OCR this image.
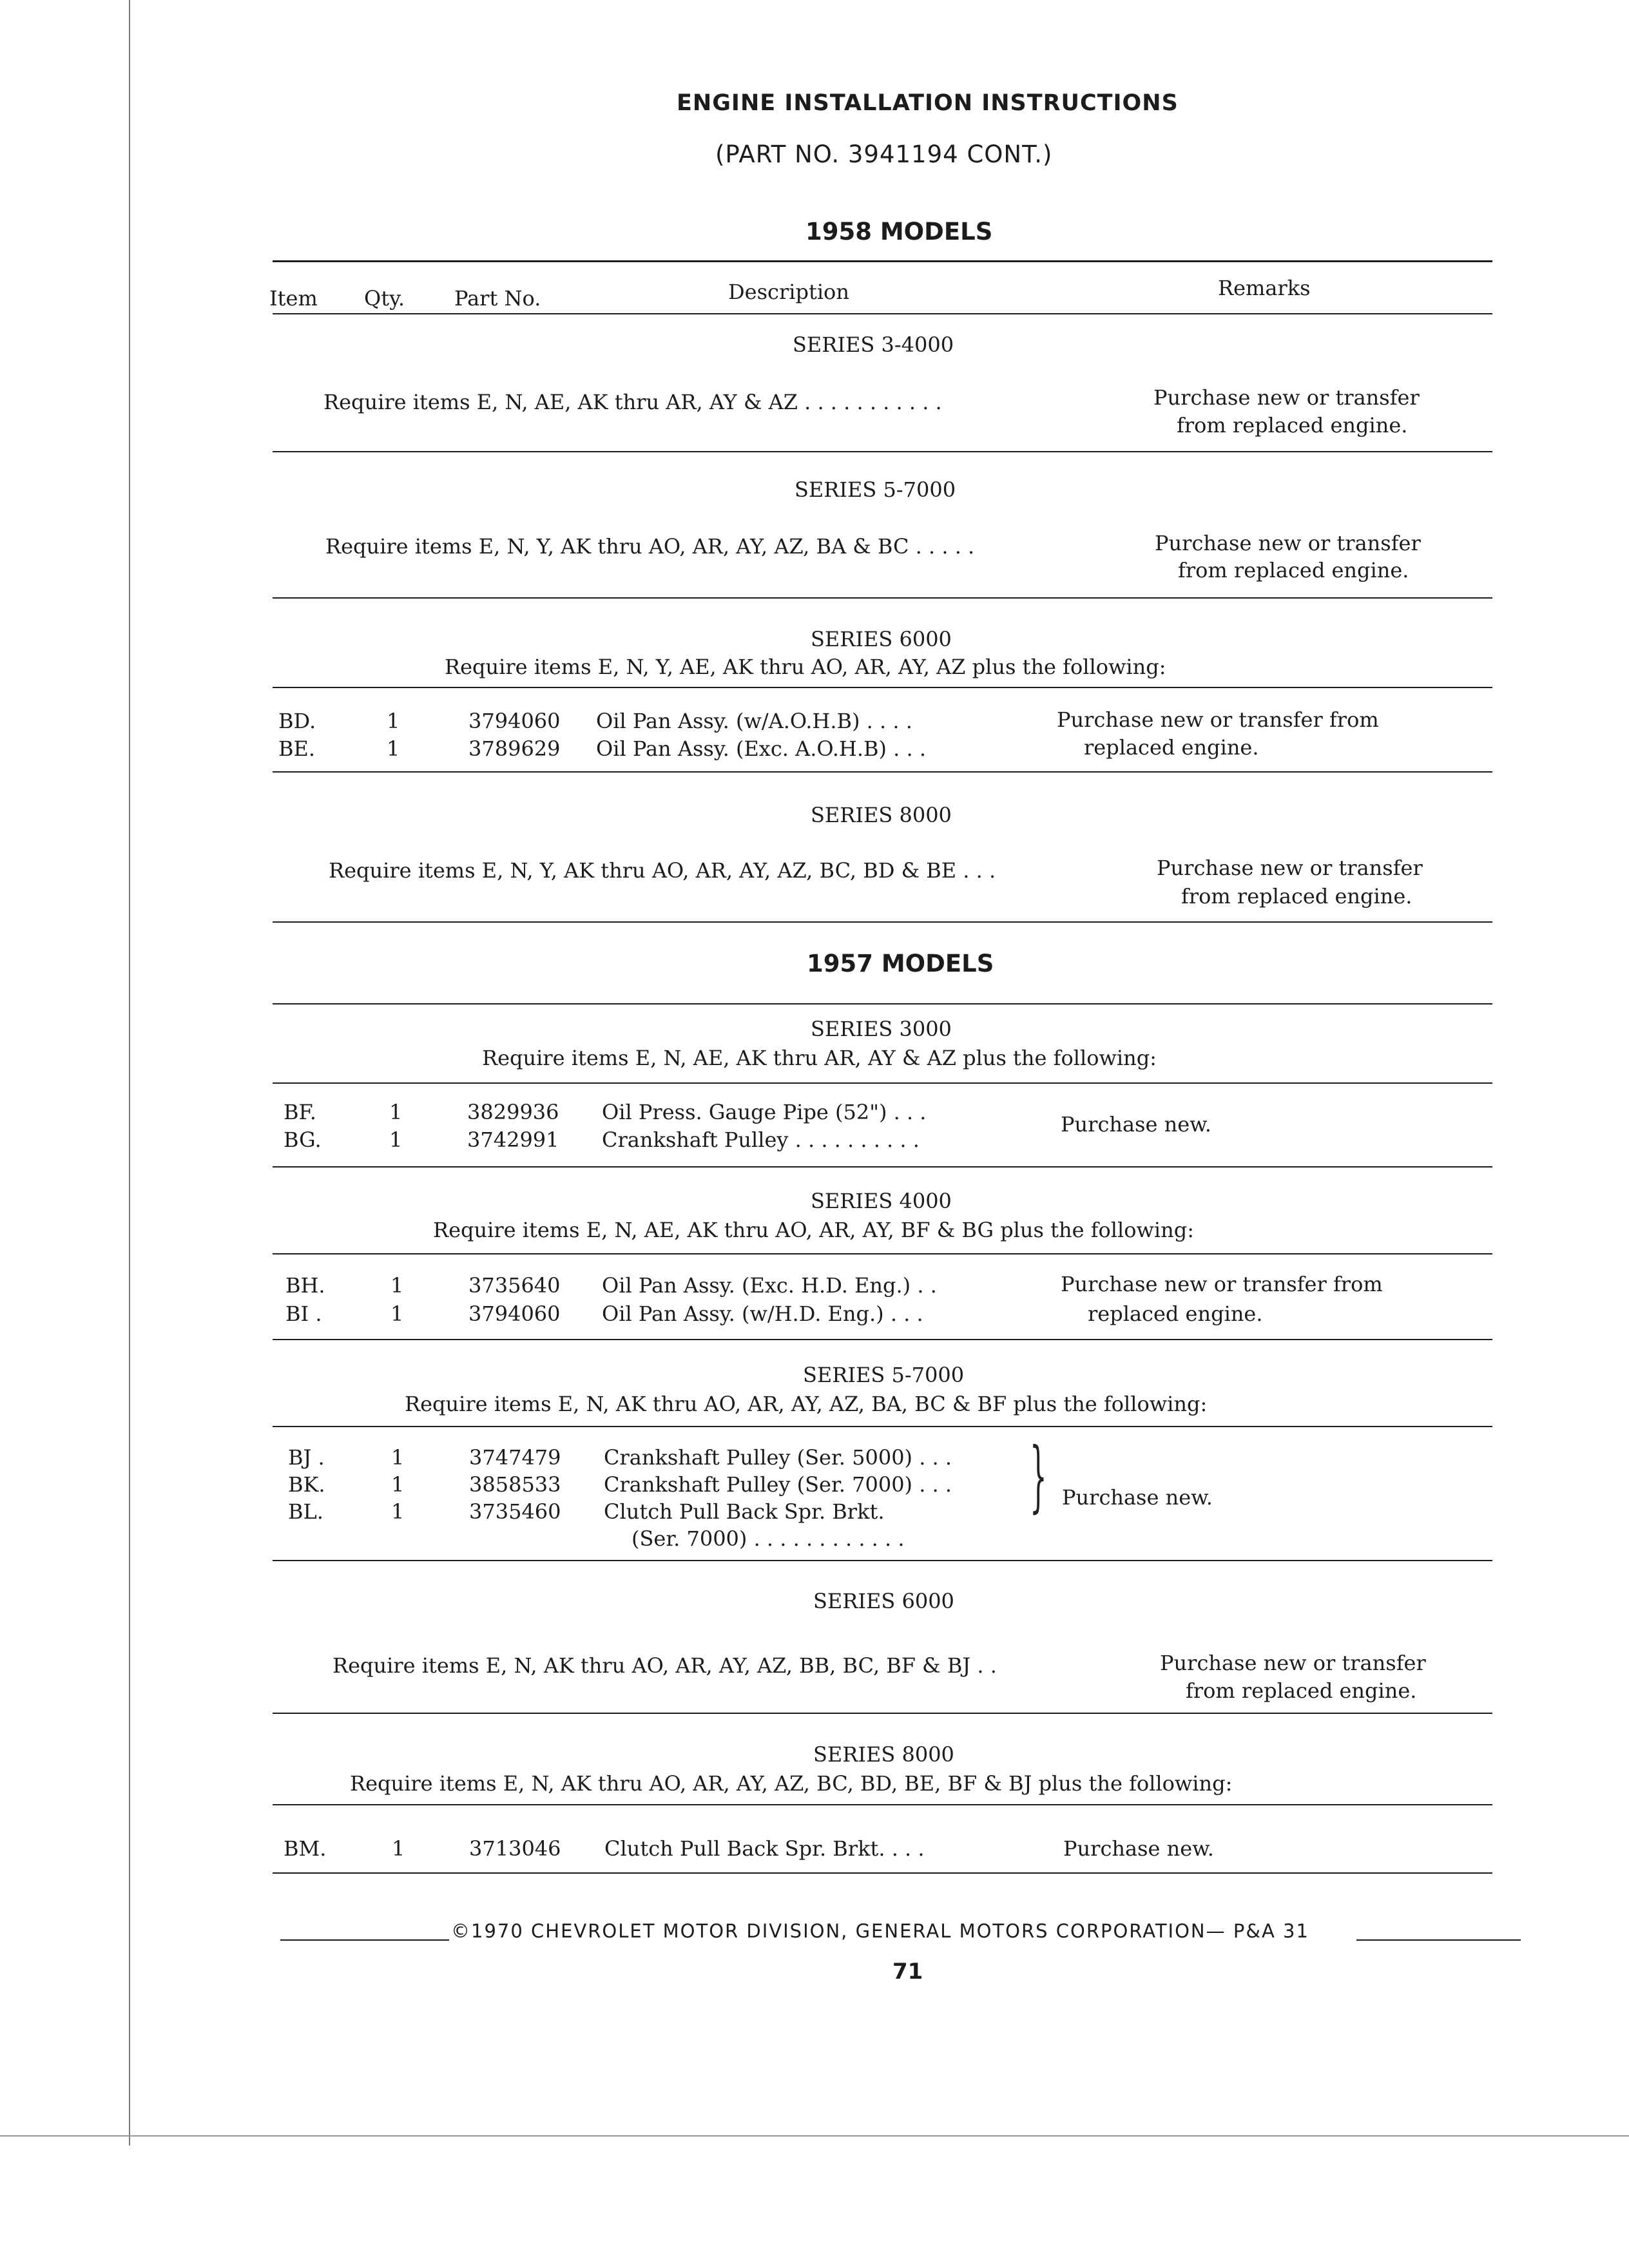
ENGINE INSTALLATION INSTRUCTIONS
(PART NO. 3941194 CONT.)
1958 MODELS
Item Qty. Part No.	Description	Remarks
SERIES 3-4000
Require items E, N, AE, AK thru AR, AY & AZ . . . . . . . . . . .	Purchase new or transfer
from replaced engine.
SERIES 5-7000
Require items E, N, Y, AK thru AO, AR, AY, AZ, BA & BC . . . . .	Purchase new or transfer
from replaced engine.
SERIES 6000
Require items E, N, Y, AE, AK thru AO, AR, AY, AZ plus the following:
BD.	1	3794060 Oil Pan Assy. (w/A.O.H.B) . . . .
BE.	1	3789629 Oil Pan Assy. (Exc. A.O.H.B) . . .
Purchase new or transfer from
replaced engine.
SERIES 8000
Require items E, N, Y, AK thru AO, AR, AY, AZ, BC, BD & BE . . .	Purchase new or transfer
from replaced engine.
1957 MODELS
SERIES 3000
Require items E, N, AE, AK thru AR, AY & AZ plus the following:
BF.	1	3829936 Oil Press. Gauge Pipe (52") . . .
BG.	1	3742991 Crankshaft Pulley . . . . . . . . . .
Purchase new.
SERIES 4000
Require items E, N, AE, AK thru AO, AR, AY, BF & BG plus the following:
BH.	1	3735640 Oil Pan Assy. (Exc. H.D. Eng.) . .
BI .	1	3794060 Oil Pan Assy. (w/H.D. Eng.) . . .
Purchase new or transfer from
replaced engine.
SERIES 5-7000
Require items E, N, AK thru AO, AR, AY, AZ, BA, BC & BF plus the following:
BJ .	1	3747479 Crankshaft Pulley (Ser. 5000) . . .
BK.	1	3858533 Crankshaft Pulley (Ser. 7000) . . .
BL.	1	3735460 Clutch Pull Back Spr. Brkt.
(Ser. 7000) . . . . . . . . . . . .
} Purchase new.
SERIES 6000
Require items E, N, AK thru AO, AR, AY, AZ, BB, BC, BF & BJ . .	Purchase new or transfer
from replaced engine.
SERIES 8000
Require items E, N, AK thru AO, AR, AY, AZ, BC, BD, BE, BF & BJ plus the following:
BM.	1	3713046 Clutch Pull Back Spr. Brkt. . . .	Purchase new.
©1970 CHEVROLET MOTOR DIVISION, GENERAL MOTORS CORPORATION— P&A 31
71
